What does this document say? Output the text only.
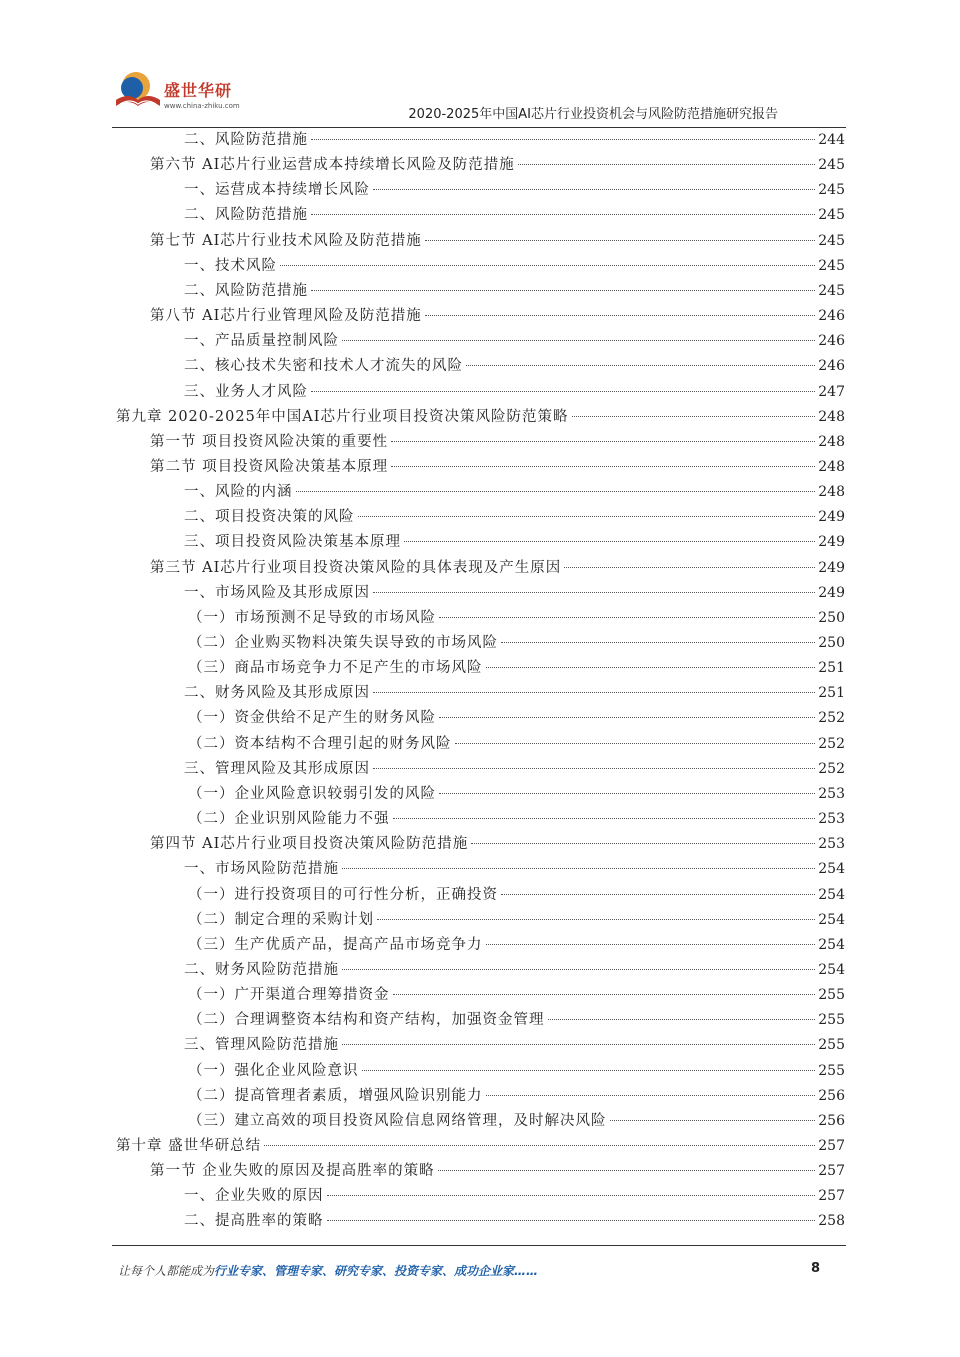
盛世华研
www.china-zhiku.com
2020-2025年中国AI芯片行业投资机会与风险防范措施研究报告
二、风险防范措施	244
第六节 AI芯片行业运营成本持续增长风险及防范措施	245
一、运营成本持续增长风险	245
二、风险防范措施	245
第七节 AI芯片行业技术风险及防范措施	245
一、技术风险	245
二、风险防范措施	245
第八节 AI芯片行业管理风险及防范措施	246
一、产品质量控制风险	246
二、核心技术失密和技术人才流失的风险	246
三、业务人才风险	247
第九章 2020-2025年中国AI芯片行业项目投资决策风险防范策略	248
第一节 项目投资风险决策的重要性	248
第二节 项目投资风险决策基本原理	248
一、风险的内涵	248
二、项目投资决策的风险	249
三、项目投资风险决策基本原理	249
第三节 AI芯片行业项目投资决策风险的具体表现及产生原因	249
一、市场风险及其形成原因	249
（一）市场预测不足导致的市场风险	250
（二）企业购买物料决策失误导致的市场风险	250
（三）商品市场竞争力不足产生的市场风险	251
二、财务风险及其形成原因	251
（一）资金供给不足产生的财务风险	252
（二）资本结构不合理引起的财务风险	252
三、管理风险及其形成原因	252
（一）企业风险意识较弱引发的风险	253
（二）企业识别风险能力不强	253
第四节 AI芯片行业项目投资决策风险防范措施	253
一、市场风险防范措施	254
（一）进行投资项目的可行性分析，正确投资	254
（二）制定合理的采购计划	254
（三）生产优质产品，提高产品市场竞争力	254
二、财务风险防范措施	254
（一）广开渠道合理筹措资金	255
（二）合理调整资本结构和资产结构，加强资金管理	255
三、管理风险防范措施	255
（一）强化企业风险意识	255
（二）提高管理者素质，增强风险识别能力	256
（三）建立高效的项目投资风险信息网络管理，及时解决风险	256
第十章 盛世华研总结	257
第一节 企业失败的原因及提高胜率的策略	257
一、企业失败的原因	257
二、提高胜率的策略	258
让每个人都能成为行业专家、管理专家、研究专家、投资专家、成功企业家……	8
